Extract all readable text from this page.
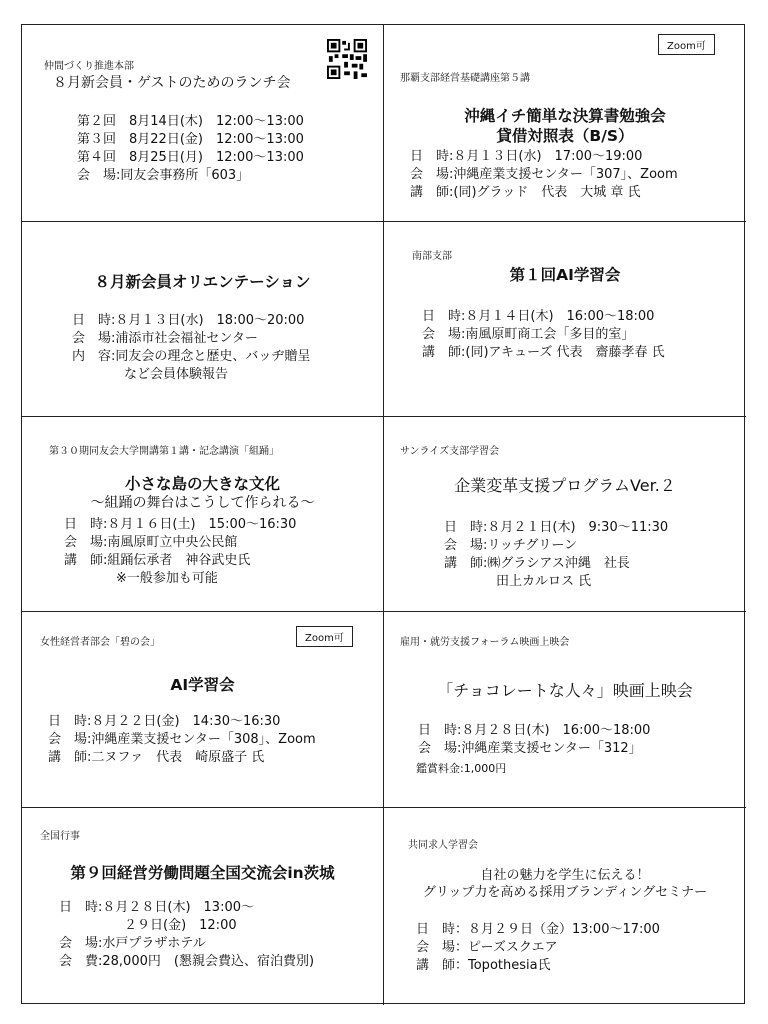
仲間づくり推進本部
８月新会員・ゲストのためのランチ会
第２回　8月14日(木)　12:00～13:00
第３回　8月22日(金)　12:00～13:00
第４回　8月25日(月)　12:00～13:00
会　場:同友会事務所「603」
Zoom可
那覇支部経営基礎講座第５講
沖縄イチ簡単な決算書勉強会
貸借対照表（B/S）
日　時:８月１３日(水)　17:00～19:00
会　場:沖縄産業支援センター「307」、Zoom
講　師:(同)グラッド　代表　大城 章 氏
８月新会員オリエンテーション
日　時:８月１３日(水)　18:00～20:00
会　場:浦添市社会福祉センター
内　容:同友会の理念と歴史、バッヂ贈呈
　　　　など会員体験報告
南部支部
第１回AI学習会
日　時:８月１４日(木)　16:00～18:00
会　場:南風原町商工会「多目的室」
講　師:(同)アキューズ 代表　齋藤孝春 氏
第３０期同友会大学開講第１講・記念講演「組踊」
小さな島の大きな文化
～組踊の舞台はこうして作られる～
日　時:８月１６日(土)　15:00～16:30
会　場:南風原町立中央公民館
講　師:組踊伝承者　神谷武史氏
　　　　※一般参加も可能
サンライズ支部学習会
企業変革支援プログラムVer.２
日　時:８月２１日(木)　9:30～11:30
会　場:リッチグリーン
講　師:㈱グラシアス沖縄　社長
　　　　田上カルロス 氏
女性経営者部会「碧の会」	Zoom可
AI学習会
日　時:８月２２日(金)　14:30～16:30
会　場:沖縄産業支援センター「308」、Zoom
講　師:二ヌファ　代表　崎原盛子 氏
雇用・就労支援フォーラム映画上映会
「チョコレートな人々」映画上映会
日　時:８月２８日(木)　16:00～18:00
会　場:沖縄産業支援センター「312」
鑑賞料金:1,000円
全国行事
第９回経営労働問題全国交流会in茨城
日　時:８月２８日(木)　13:00～
　　　　　２９日(金)　12:00
会　場:水戸プラザホテル
会　費:28,000円　(懇親会費込、宿泊費別)
共同求人学習会
自社の魅力を学生に伝える！
グリップ力を高める採用ブランディングセミナー
日　時：８月２９日（金）13:00～17:00
会　場：ピーズスクエア
講　師：Topothesia氏
